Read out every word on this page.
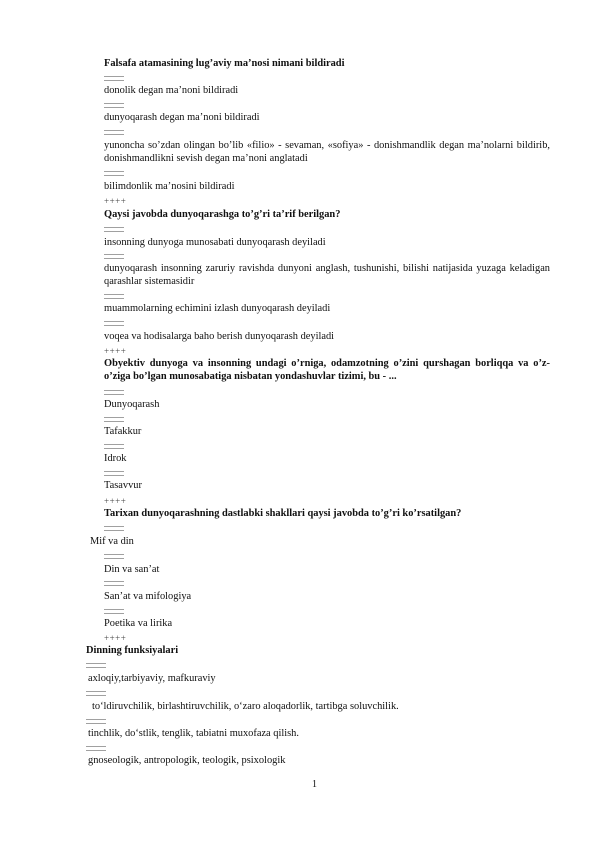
Falsafa atamasining lug’aviy ma’nosi nimani bildiradi
donolik degan ma’noni bildiradi
dunyoqarash degan ma’noni bildiradi
yunoncha so’zdan olingan bo’lib «filio» - sevaman, «sofiya» - donishmandlik degan ma’nolarni bildirib, donishmandlikni sevish degan ma’noni anglatadi
bilimdonlik ma’nosini bildiradi
++++
Qaysi javobda dunyoqarashga to’g’ri ta’rif berilgan?
insonning dunyoga munosabati dunyoqarash deyiladi
dunyoqarash insonning zaruriy ravishda dunyoni anglash, tushunishi, bilishi natijasida yuzaga keladigan qarashlar sistemasidir
muammolarning echimini izlash dunyoqarash deyiladi
voqea va hodisalarga baho berish dunyoqarash deyiladi
++++
Obyektiv dunyoga va insonning undagi o’rniga, odamzotning o’zini qurshagan borliqqa va o’z-o’ziga bo’lgan munosabatiga nisbatan yondashuvlar tizimi, bu - ...
Dunyoqarash
Tafakkur
Idrok
Tasavvur
++++
Tarixan dunyoqarashning dastlabki shakllari qaysi javobda to’g’ri ko’rsatilgan?
Mif va din
Din va san’at
San’at va mifologiya
Poetika va lirika
++++
Dinning funksiyalari
axloqiy,tarbiyaviy, mafkuraviy
to‘ldiruvchilik, birlashtiruvchilik, o‘zaro aloqadorlik, tartibga soluvchilik.
tinchlik, do‘stlik, tenglik, tabiatni muxofaza qilish.
gnoseologik, antropologik, teologik, psixologik
1
